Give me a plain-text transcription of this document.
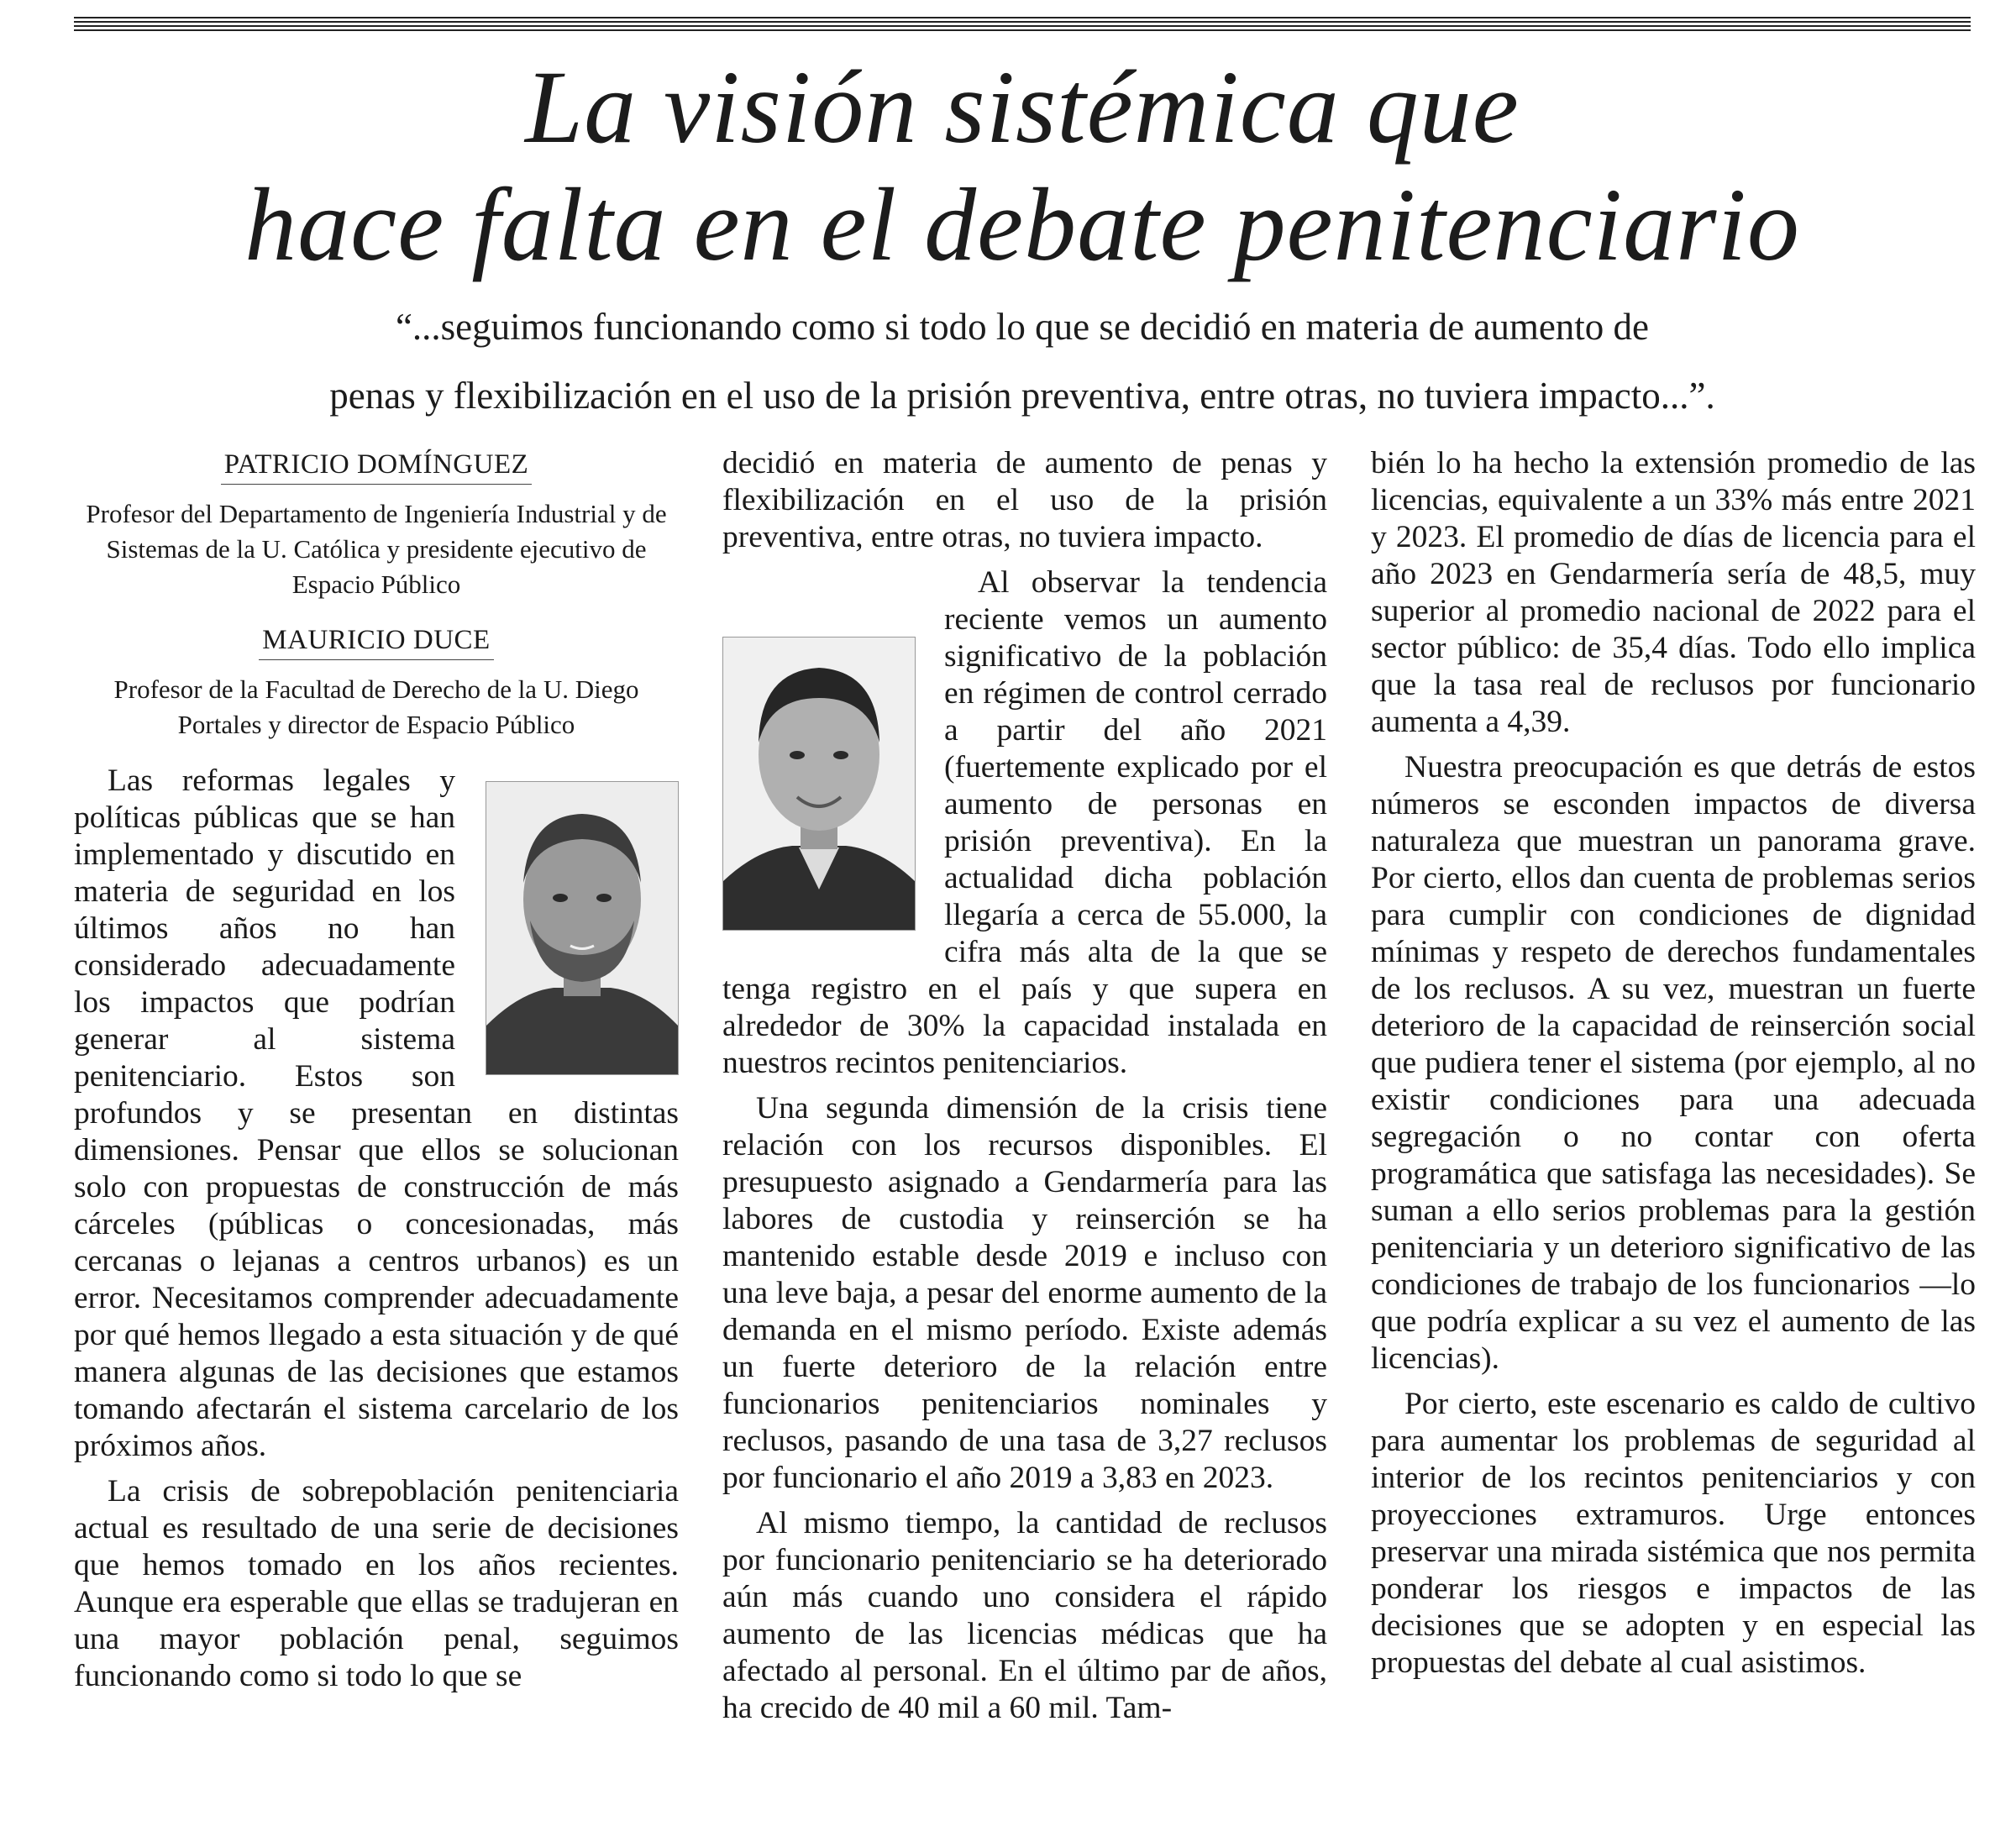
La visión sistémica que
hace falta en el debate penitenciario
“...seguimos funcionando como si todo lo que se decidió en materia de aumento de
penas y flexibilización en el uso de la prisión preventiva, entre otras, no tuviera impacto...”.
PATRICIO DOMÍNGUEZ

Profesor del Departamento de Ingeniería Industrial y de Sistemas de la U. Católica y presidente ejecutivo de Espacio Público

MAURICIO DUCE

Profesor de la Facultad de Derecho de la U. Diego Portales y director de Espacio Público

Las reformas legales y políticas públicas que se han implementado y discutido en materia de seguridad en los últimos años no han considerado adecuadamente los impactos que podrían generar al sistema penitenciario. Estos son profundos y se presentan en distintas dimensiones. Pensar que ellos se solucionan solo con propuestas de construcción de más cárceles (públicas o concesionadas, más cercanas o lejanas a centros urbanos) es un error. Necesitamos comprender adecuadamente por qué hemos llegado a esta situación y de qué manera algunas de las decisiones que estamos tomando afectarán el sistema carcelario de los próximos años.

La crisis de sobrepoblación penitenciaria actual es resultado de una serie de decisiones que hemos tomado en los años recientes. Aunque era esperable que ellas se tradujeran en una mayor población penal, seguimos funcionando como si todo lo que se

decidió en materia de aumento de penas y flexibilización en el uso de la prisión preventiva, entre otras, no tuviera impacto.

Al observar la tendencia reciente vemos un aumento significativo de la población en régimen de control cerrado a partir del año 2021 (fuertemente explicado por el aumento de personas en prisión preventiva). En la actualidad dicha población llegaría a cerca de 55.000, la cifra más alta de la que se tenga registro en el país y que supera en alrededor de 30% la capacidad instalada en nuestros recintos penitenciarios.

Una segunda dimensión de la crisis tiene relación con los recursos disponibles. El presupuesto asignado a Gendarmería para las labores de custodia y reinserción se ha mantenido estable desde 2019 e incluso con una leve baja, a pesar del enorme aumento de la demanda en el mismo período. Existe además un fuerte deterioro de la relación entre funcionarios penitenciarios nominales y reclusos, pasando de una tasa de 3,27 reclusos por funcionario el año 2019 a 3,83 en 2023.

Al mismo tiempo, la cantidad de reclusos por funcionario penitenciario se ha deteriorado aún más cuando uno considera el rápido aumento de las licencias médicas que ha afectado al personal. En el último par de años, ha crecido de 40 mil a 60 mil. Tam-

bién lo ha hecho la extensión promedio de las licencias, equivalente a un 33% más entre 2021 y 2023. El promedio de días de licencia para el año 2023 en Gendarmería sería de 48,5, muy superior al promedio nacional de 2022 para el sector público: de 35,4 días. Todo ello implica que la tasa real de reclusos por funcionario aumenta a 4,39.

Nuestra preocupación es que detrás de estos números se esconden impactos de diversa naturaleza que muestran un panorama grave. Por cierto, ellos dan cuenta de problemas serios para cumplir con condiciones de dignidad mínimas y respeto de derechos fundamentales de los reclusos. A su vez, muestran un fuerte deterioro de la capacidad de reinserción social que pudiera tener el sistema (por ejemplo, al no existir condiciones para una adecuada segregación o no contar con oferta programática que satisfaga las necesidades). Se suman a ello serios problemas para la gestión penitenciaria y un deterioro significativo de las condiciones de trabajo de los funcionarios —lo que podría explicar a su vez el aumento de las licencias).

Por cierto, este escenario es caldo de cultivo para aumentar los problemas de seguridad al interior de los recintos penitenciarios y con proyecciones extramuros. Urge entonces preservar una mirada sistémica que nos permita ponderar los riesgos e impactos de las decisiones que se adopten y en especial las propuestas del debate al cual asistimos.
